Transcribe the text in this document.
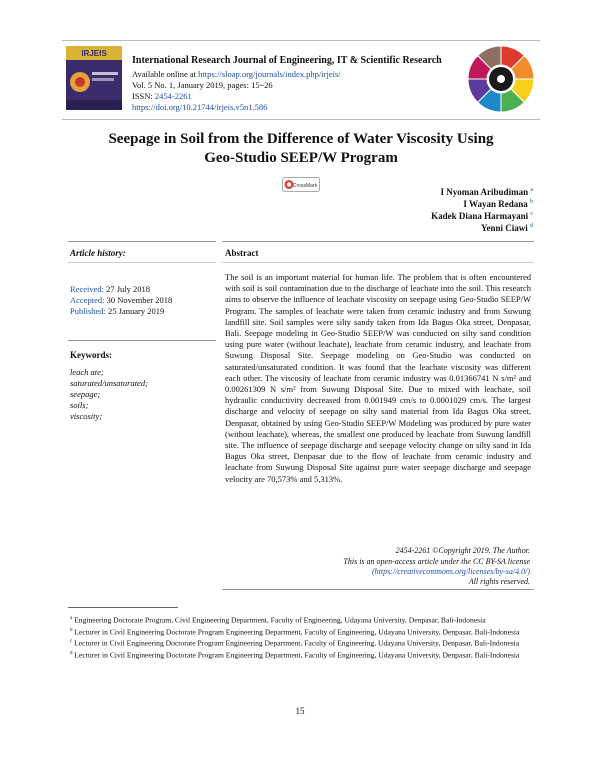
IRJEIS
International Research Journal of Engineering, IT & Scientific Research
Available online at https://sloap.org/journals/index.php/irjeis/
Vol. 5 No. 1, January 2019, pages: 15~26
ISSN: 2454-2261
https://doi.org/10.21744/irjeis.v5n1.586
Seepage in Soil from the Difference of Water Viscosity Using
Geo-Studio SEEP/W Program
CrossMark
I Nyoman Aribudiman $^a$
I Wayan Redana $^b$
Kadek Diana Harmayani $^c$
Yenni Ciawi $^d$
Article history:
Received: 27 July 2018
Accepted: 30 November 2018
Published: 25 January 2019
Keywords:
leach ate;
saturated/unsaturated;
seepage;
soils;
viscosity;
Abstract
The soil is an important material for human life. The problem that is often encountered with soil is soil contamination due to the discharge of leachate into the soil. This research aims to observe the influence of leachate viscosity on seepage using Geo-Studio SEEP/W Program. The samples of leachate were taken from ceramic industry and from Suwung landfill site. Soil samples were silty sandy taken from Ida Bagus Oka street, Denpasar, Bali. Seepage modeling in Geo-Studio SEEP/W was conducted on silty sand condition using pure water (without leachate), leachate from ceramic industry, and leachate from Suwung Disposal Site. Seepage modeling on Geo-Studio was conducted on saturated/unsaturated condition. It was found that the leachate viscosity was different each other. The viscosity of leachate from ceramic industry was 0.01366741 N s/m² and 0.00261309 N s/m² from Suwung Disposal Site. Due to mixed with leachate, soil hydraulic conductivity decreased from 0.001949 cm/s to 0.0001029 cm/s. The largest discharge and velocity of seepage on silty sand material from Ida Bagus Oka street, Denpasar, obtained by using Geo-Studio SEEP/W Modeling was produced by pure water (without leachate), whereas, the smallest one produced by leachate from Suwung landfill site. The influence of seepage discharge and seepage velocity change on silty sand in Ida Bagus Oka street, Denpasar due to the flow of leachate from ceramic industry and leachate from Suwung Disposal Site against pure water seepage discharge and seepage velocity are 70,573% and 5,313%.
2454-2261 ©Copyright 2019. The Author.
This is an open-access article under the CC BY-SA license
(https://creativecommons.org/licenses/by-sa/4.0/)
All rights reserved.

$^a$ Engineering Doctorate Program, Civil Engineering Department, Faculty of Engineering, Udayana University, Denpasar, Bali-Indonesia

$^b$ Lecturer in Civil Engineering Doctorate Program Engineering Department, Faculty of Engineering, Udayana University, Denpasar, Bali-Indonesia

$^c$ Lecturer in Civil Engineering Doctorate Program Engineering Department, Faculty of Engineering, Udayana University, Denpasar, Bali-Indonesia

$^d$ Lecturer in Civil Engineering Doctorate Program Engineering Department, Faculty of Engineering, Udayana University, Denpasar, Bali-Indonesia

15
